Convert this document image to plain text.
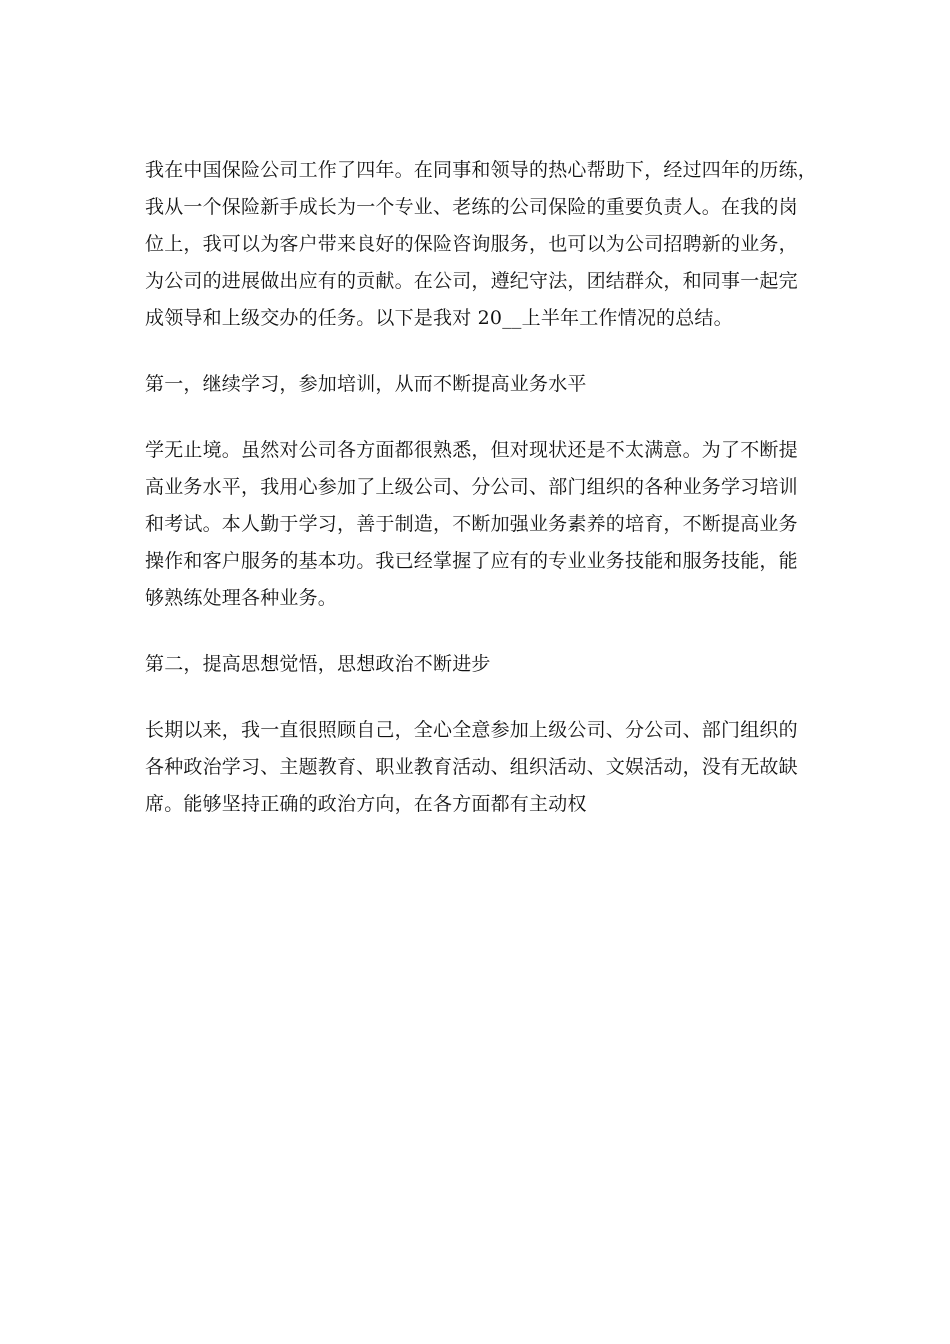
我在中国保险公司工作了四年。在同事和领导的热心帮助下，经过四年的历练，
我从一个保险新手成长为一个专业、老练的公司保险的重要负责人。在我的岗
位上，我可以为客户带来良好的保险咨询服务，也可以为公司招聘新的业务，
为公司的进展做出应有的贡献。在公司，遵纪守法，团结群众，和同事一起完
成领导和上级交办的任务。以下是我对 20__上半年工作情况的总结。

第一，继续学习，参加培训，从而不断提高业务水平

学无止境。虽然对公司各方面都很熟悉，但对现状还是不太满意。为了不断提
高业务水平，我用心参加了上级公司、分公司、部门组织的各种业务学习培训
和考试。本人勤于学习，善于制造，不断加强业务素养的培育，不断提高业务
操作和客户服务的基本功。我已经掌握了应有的专业业务技能和服务技能，能
够熟练处理各种业务。

第二，提高思想觉悟，思想政治不断进步

长期以来，我一直很照顾自己，全心全意参加上级公司、分公司、部门组织的
各种政治学习、主题教育、职业教育活动、组织活动、文娱活动，没有无故缺
席。能够坚持正确的政治方向，在各方面都有主动权
